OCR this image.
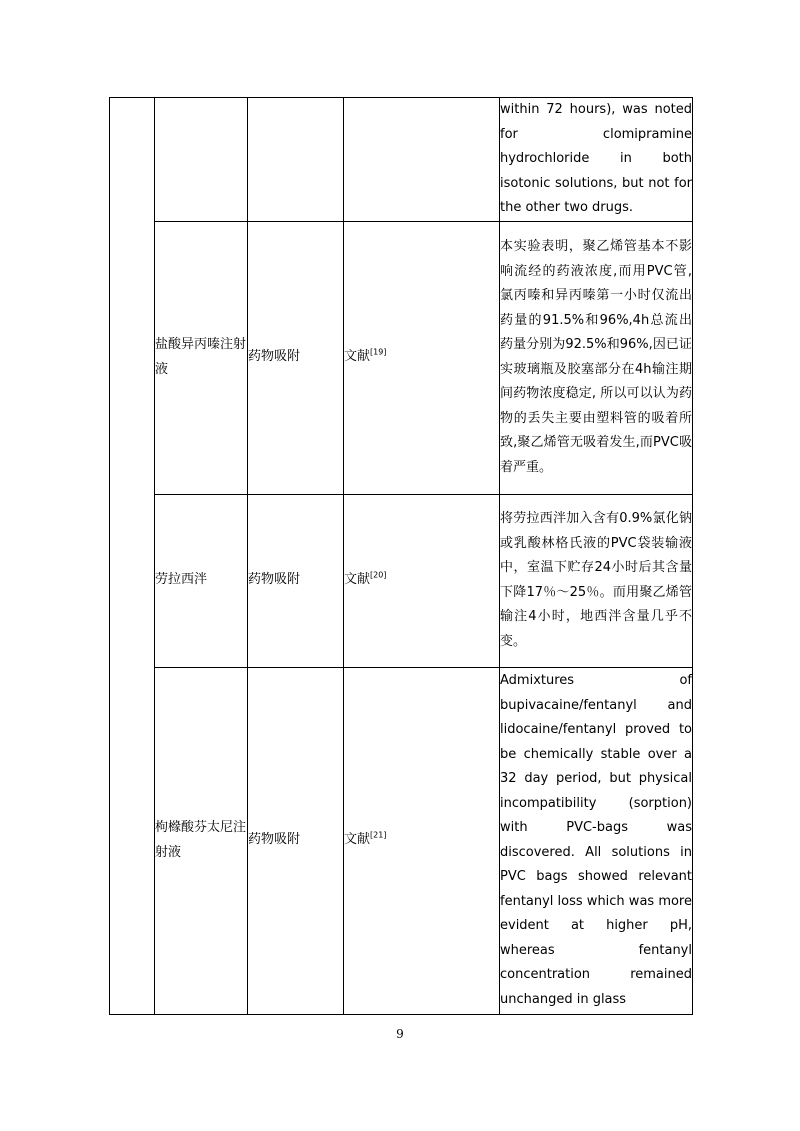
				within 72 hours), was noted for clomipramine hydrochloride in both isotonic solutions, but not for the other two drugs.

	盐酸异丙嗪注射液	药物吸附	文献[19]	本实验表明，聚乙烯管基本不影响流经的药液浓度,而用PVC管, 氯丙嗪和异丙嗪第一小时仅流出药量的91.5%和96%,4h总流出药量分别为92.5%和96%,因已证实玻璃瓶及胶塞部分在4h输注期间药物浓度稳定, 所以可以认为药物的丢失主要由塑料管的吸着所致,聚乙烯管无吸着发生,而PVC吸着严重。

	劳拉西泮	药物吸附	文献[20]	将劳拉西泮加入含有0.9%氯化钠或乳酸林格氏液的PVC袋装输液中，室温下贮存24小时后其含量下降17％～25％。而用聚乙烯管输注4小时，地西泮含量几乎不变。

	枸橼酸芬太尼注射液	药物吸附	文献[21]	Admixtures of bupivacaine/fentanyl and lidocaine/fentanyl proved to be chemically stable over a 32 day period, but physical incompatibility (sorption) with PVC-bags was discovered. All solutions in PVC bags showed relevant fentanyl loss which was more evident at higher pH, whereas fentanyl concentration remained unchanged in glass

9
